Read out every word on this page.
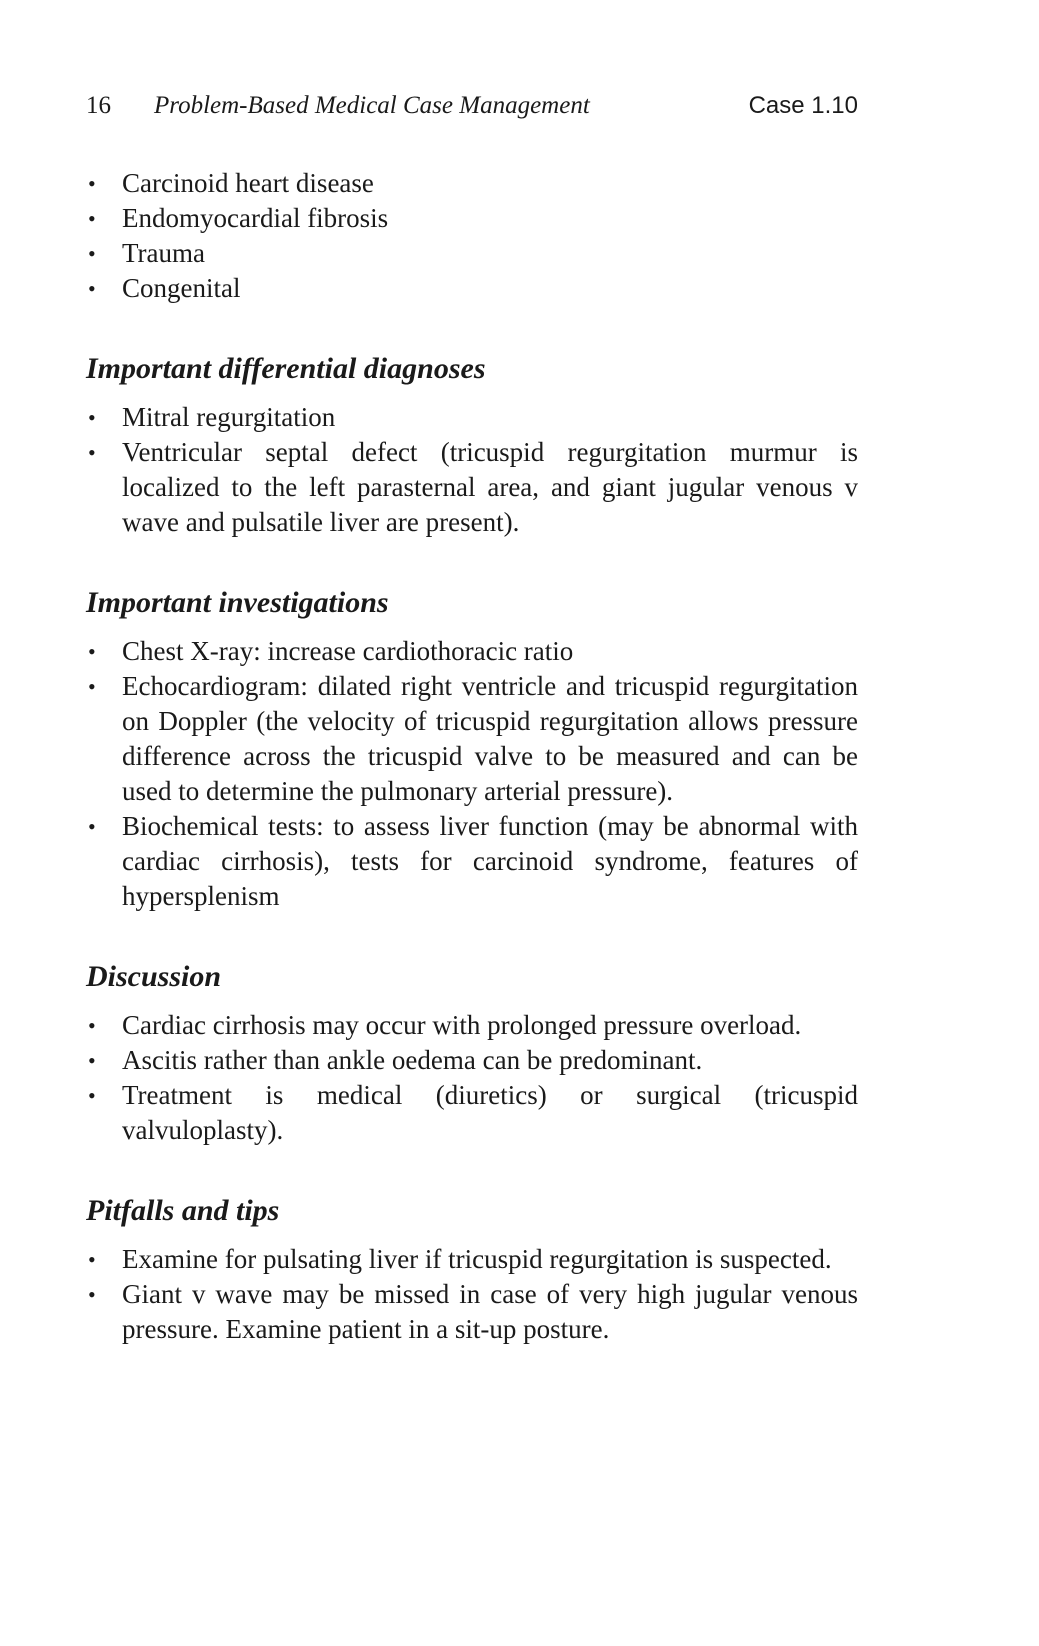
16 Problem-Based Medical Case Management	Case 1.10
• Carcinoid heart disease
• Endomyocardial fibrosis
• Trauma
• Congenital
Important differential diagnoses
• Mitral regurgitation
• Ventricular septal defect (tricuspid regurgitation murmur is localized to the left parasternal area, and giant jugular venous v wave and pulsatile liver are present).
Important investigations
• Chest X-ray: increase cardiothoracic ratio
• Echocardiogram: dilated right ventricle and tricuspid regurgitation on Doppler (the velocity of tricuspid regurgitation allows pressure difference across the tricuspid valve to be measured and can be used to determine the pulmonary arterial pressure).
• Biochemical tests: to assess liver function (may be abnormal with cardiac cirrhosis), tests for carcinoid syndrome, features of hypersplenism
Discussion
• Cardiac cirrhosis may occur with prolonged pressure overload.
• Ascitis rather than ankle oedema can be predominant.
• Treatment is medical (diuretics) or surgical (tricuspid valvuloplasty).
Pitfalls and tips
• Examine for pulsating liver if tricuspid regurgitation is suspected.
• Giant v wave may be missed in case of very high jugular venous pressure. Examine patient in a sit-up posture.
